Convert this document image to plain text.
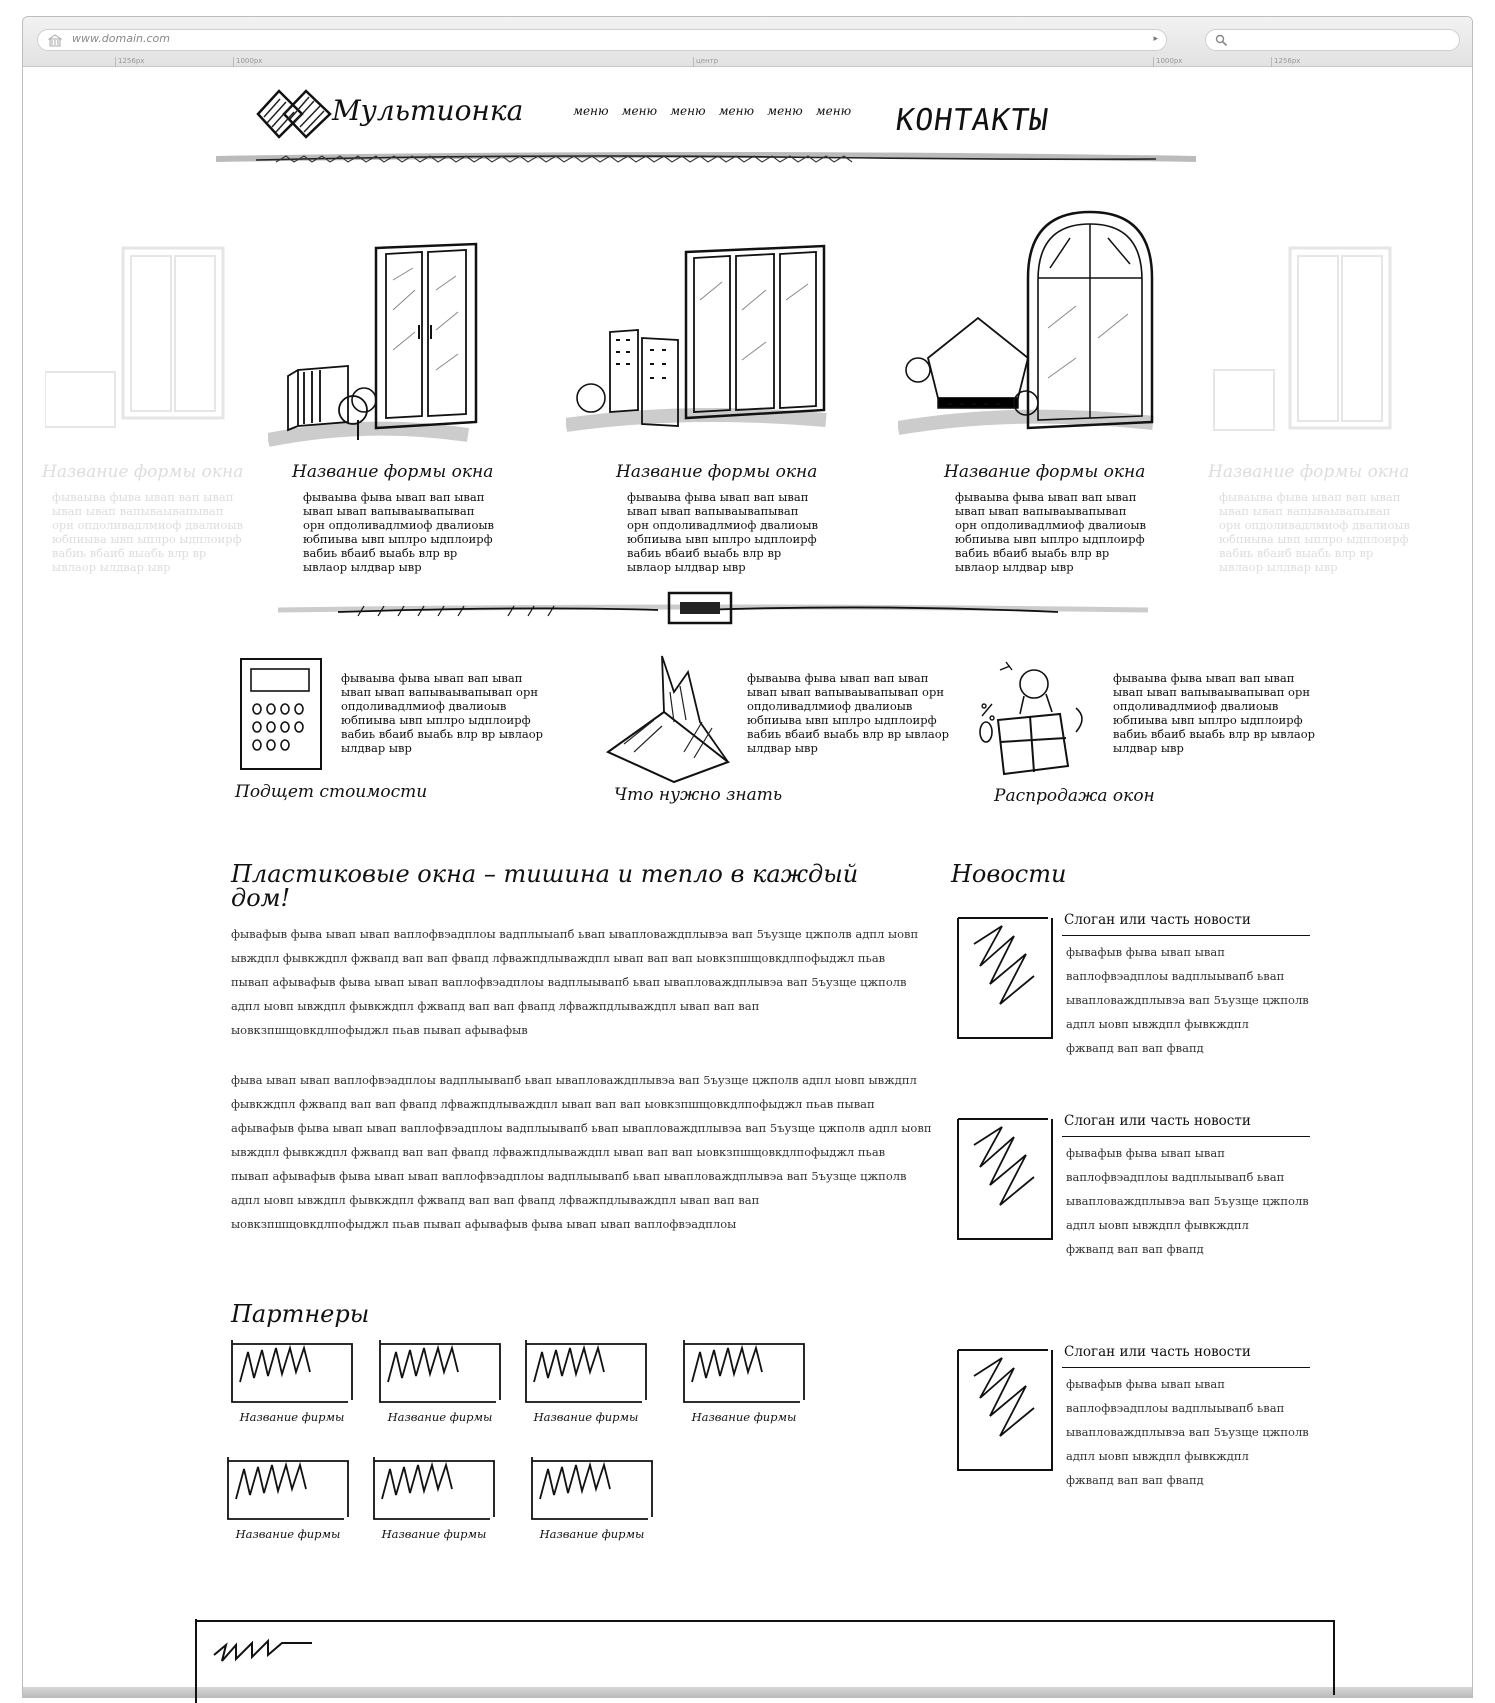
www.domain.com	▸
1256px	1000px	центр	1000px	1256px
Мультионка	меню меню меню меню меню меню КОНТАКТЫ
Название формы окна
фываыва фыва ывап вап ывап
ывап ывап вапываывапывап
орн опдоливадлмиоф двалиоыв
юбпиыва ывп ыплро ыдплоирф
вабиь вбаиб выабь влр вр
ывлаор ылдвар ывр
Название формы окна
фываыва фыва ывап вап ывап
ывап ывап вапываывапывап
орн опдоливадлмиоф двалиоыв
юбпиыва ывп ыплро ыдплоирф
вабиь вбаиб выабь влр вр
ывлаор ылдвар ывр
Название формы окна
фываыва фыва ывап вап ывап
ывап ывап вапываывапывап
орн опдоливадлмиоф двалиоыв
юбпиыва ывп ыплро ыдплоирф
вабиь вбаиб выабь влр вр
ывлаор ылдвар ывр
Название формы окна
фываыва фыва ывап вап ывап
ывап ывап вапываывапывап
орн опдоливадлмиоф двалиоыв
юбпиыва ывп ыплро ыдплоирф
вабиь вбаиб выабь влр вр
ывлаор ылдвар ывр
Название формы окна
фываыва фыва ывап вап ывап
ывап ывап вапываывапывап
орн опдоливадлмиоф двалиоыв
юбпиыва ывп ыплро ыдплоирф
вабиь вбаиб выабь влр вр
ывлаор ылдвар ывр
фываыва фыва ывап вап ывап
ывап ывап вапываывапывап орн
опдоливадлмиоф двалиоыв
юбпиыва ывп ыплро ыдплоирф
вабиь вбаиб выабь влр вр ывлаор
ылдвар ывр
Подщет стоимости
фываыва фыва ывап вап ывап
ывап ывап вапываывапывап орн
опдоливадлмиоф двалиоыв
юбпиыва ывп ыплро ыдплоирф
вабиь вбаиб выабь влр вр ывлаор
ылдвар ывр
Что нужно знать
фываыва фыва ывап вап ывап
ывап ывап вапываывапывап орн
опдоливадлмиоф двалиоыв
юбпиыва ывп ыплро ыдплоирф
вабиь вбаиб выабь влр вр ывлаор
ылдвар ывр
Распродажа окон
Пластиковые окна – тишина и тепло в каждый
дом!
фывафыв фыва ывап ывап ваплофвэадплоы вадплыыапб ьвап ывапловаждплывэа вап 5ъузще цжполв адпл ыовп
ывждпл фывкждпл фжвапд вап вап фвапд лфважпдлываждпл ывап вап вап ыовкзпшщовкдлпофыджл пьав
пывап афывафыв фыва ывап ывап ваплофвэадплоы вадплыывапб ьвап ывапловаждплывэа вап 5ъузще цжполв
адпл ыовп ывждпл фывкждпл фжвапд вап вап фвапд лфважпдлываждпл ывап вап вап
ыовкзпшщовкдлпофыджл пьав пывап афывафыв
фыва ывап ывап ваплофвэадплоы вадплыывапб ьвап ывапловаждплывэа вап 5ъузще цжполв адпл ыовп ывждпл
фывкждпл фжвапд вап вап фвапд лфважпдлываждпл ывап вап вап ыовкзпшщовкдлпофыджл пьав пывап
афывафыв фыва ывап ывап ваплофвэадплоы вадплыывапб ьвап ывапловаждплывэа вап 5ъузще цжполв адпл ыовп
ывждпл фывкждпл фжвапд вап вап фвапд лфважпдлываждпл ывап вап вап ыовкзпшщовкдлпофыджл пьав
пывап афывафыв фыва ывап ывап ваплофвэадплоы вадплыывапб ьвап ывапловаждплывэа вап 5ъузще цжполв
адпл ыовп ывждпл фывкждпл фжвапд вап вап фвапд лфважпдлываждпл ывап вап вап
ыовкзпшщовкдлпофыджл пьав пывап афывафыв фыва ывап ывап ваплофвэадплоы
Новости
Слоган или часть новости
фывафыв фыва ывап ывап
ваплофвэадплоы вадплыывапб ьвап
ывапловаждплывэа вап 5ъузще цжполв
адпл ыовп ывждпл фывкждпл
фжвапд вап вап фвапд
Слоган или часть новости
фывафыв фыва ывап ывап
ваплофвэадплоы вадплыывапб ьвап
ывапловаждплывэа вап 5ъузще цжполв
адпл ыовп ывждпл фывкждпл
фжвапд вап вап фвапд
Слоган или часть новости
фывафыв фыва ывап ывап
ваплофвэадплоы вадплыывапб ьвап
ывапловаждплывэа вап 5ъузще цжполв
адпл ыовп ывждпл фывкждпл
фжвапд вап вап фвапд
Партнеры
Название фирмы	Название фирмы	Название фирмы	Название фирмы
Название фирмы	Название фирмы	Название фирмы
